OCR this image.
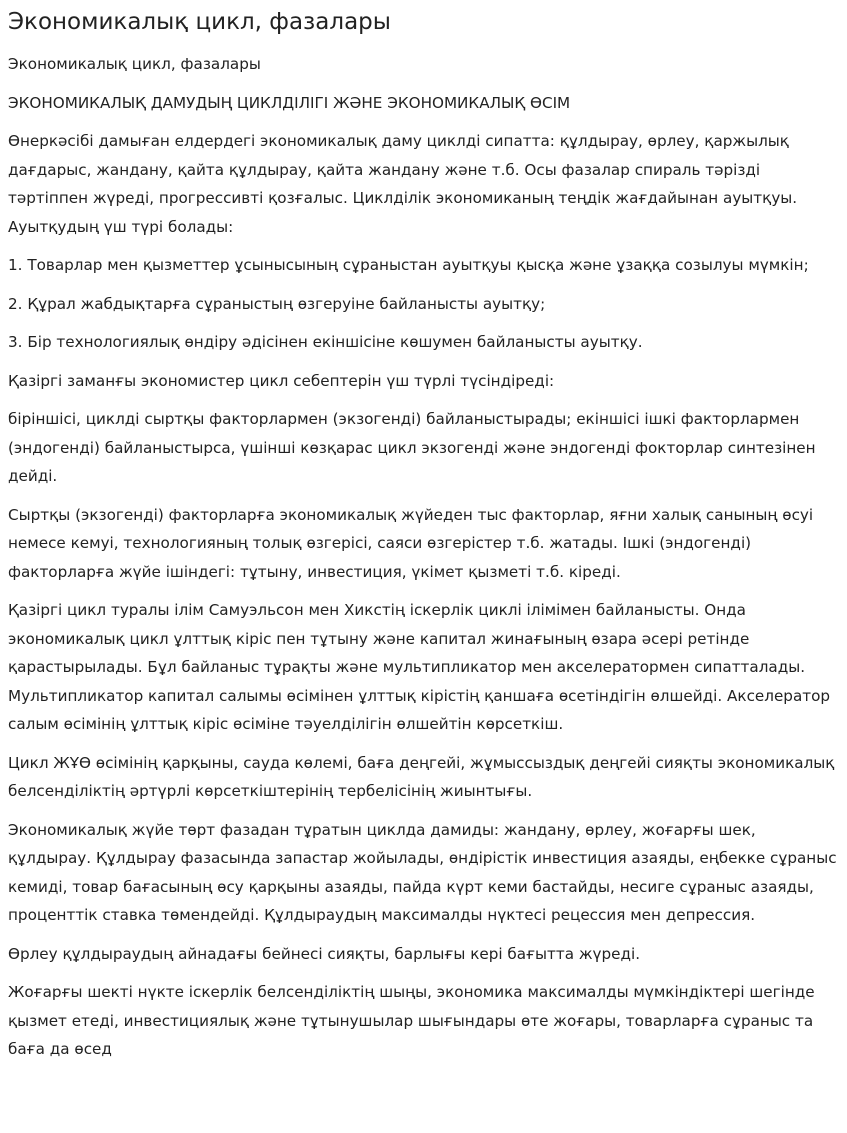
Экономикалық цикл, фазалары

Экономикалық цикл, фазалары

ЭКОНОМИКАЛЫҚ ДАМУДЫҢ ЦИКЛДІЛІГІ ЖӘНЕ ЭКОНОМИКАЛЫҚ ӨСІМ

Өнеркәсібі дамыған елдердегі экономикалық даму циклді сипатта: құлдырау, өрлеу, қаржылық дағдарыс, жандану, қайта құлдырау, қайта жандану және т.б. Осы фазалар спираль тәрізді тәртіппен жүреді, прогрессивті қозғалыс. Циклділік экономиканың теңдік жағдайынан ауытқуы. Ауытқудың үш түрі болады:

1. Товарлар мен қызметтер ұсынысының сұраныстан ауытқуы қысқа және ұзаққа созылуы мүмкін;

2. Құрал жабдықтарға сұраныстың өзгеруіне байланысты ауытқу;

3. Бір технологиялық өндіру әдісінен екіншісіне көшумен байланысты ауытқу.

Қазіргі заманғы экономистер цикл себептерін үш түрлі түсіндіреді:

біріншісі, циклді сыртқы факторлармен (экзогенді) байланыстырады; екіншісі ішкі факторлармен (эндогенді) байланыстырса, үшінші көзқарас цикл экзогенді және эндогенді фокторлар синтезінен дейді.

Сыртқы (экзогенді) факторларға экономикалық жүйеден тыс факторлар, яғни халық санының өсуі немесе кемуі, технологияның толық өзгерісі, саяси өзгерістер т.б. жатады. Ішкі (эндогенді) факторларға жүйе ішіндегі: тұтыну, инвестиция, үкімет қызметі т.б. кіреді.

Қазіргі цикл туралы ілім Самуэльсон мен Хикстің іскерлік циклі ілімімен байланысты. Онда экономикалық цикл ұлттық кіріс пен тұтыну және капитал жинағының өзара әсері ретінде қарастырылады. Бұл байланыс тұрақты және мультипликатор мен акселератормен сипатталады. Мультипликатор капитал салымы өсімінен ұлттық кірістің қаншаға өсетіндігін өлшейді. Акселератор салым өсімінің ұлттық кіріс өсіміне тәуелділігін өлшейтін көрсеткіш.

Цикл ЖҰӨ өсімінің қарқыны, сауда көлемі, баға деңгейі, жұмыссыздық деңгейі сияқты экономикалық белсенділіктің әртүрлі көрсеткіштерінің тербелісінің жиынтығы.

Экономикалық жүйе төрт фазадан тұратын циклда дамиды: жандану, өрлеу, жоғарғы шек, құлдырау. Құлдырау фазасында запастар жойылады, өндірістік инвестиция азаяды, еңбекке сұраныс кемиді, товар бағасының өсу қарқыны азаяды, пайда күрт кеми бастайды, несиге сұраныс азаяды, проценттік ставка төмендейді. Құлдыраудың максималды нүктесі рецессия мен депрессия.

Өрлеу құлдыраудың айнадағы бейнесі сияқты, барлығы кері бағытта жүреді.

Жоғарғы шекті нүкте іскерлік белсенділіктің шыңы, экономика максималды мүмкіндіктері шегінде қызмет етеді, инвестициялық және тұтынушылар шығындары өте жоғары, товарларға сұраныс та баға да өсед
